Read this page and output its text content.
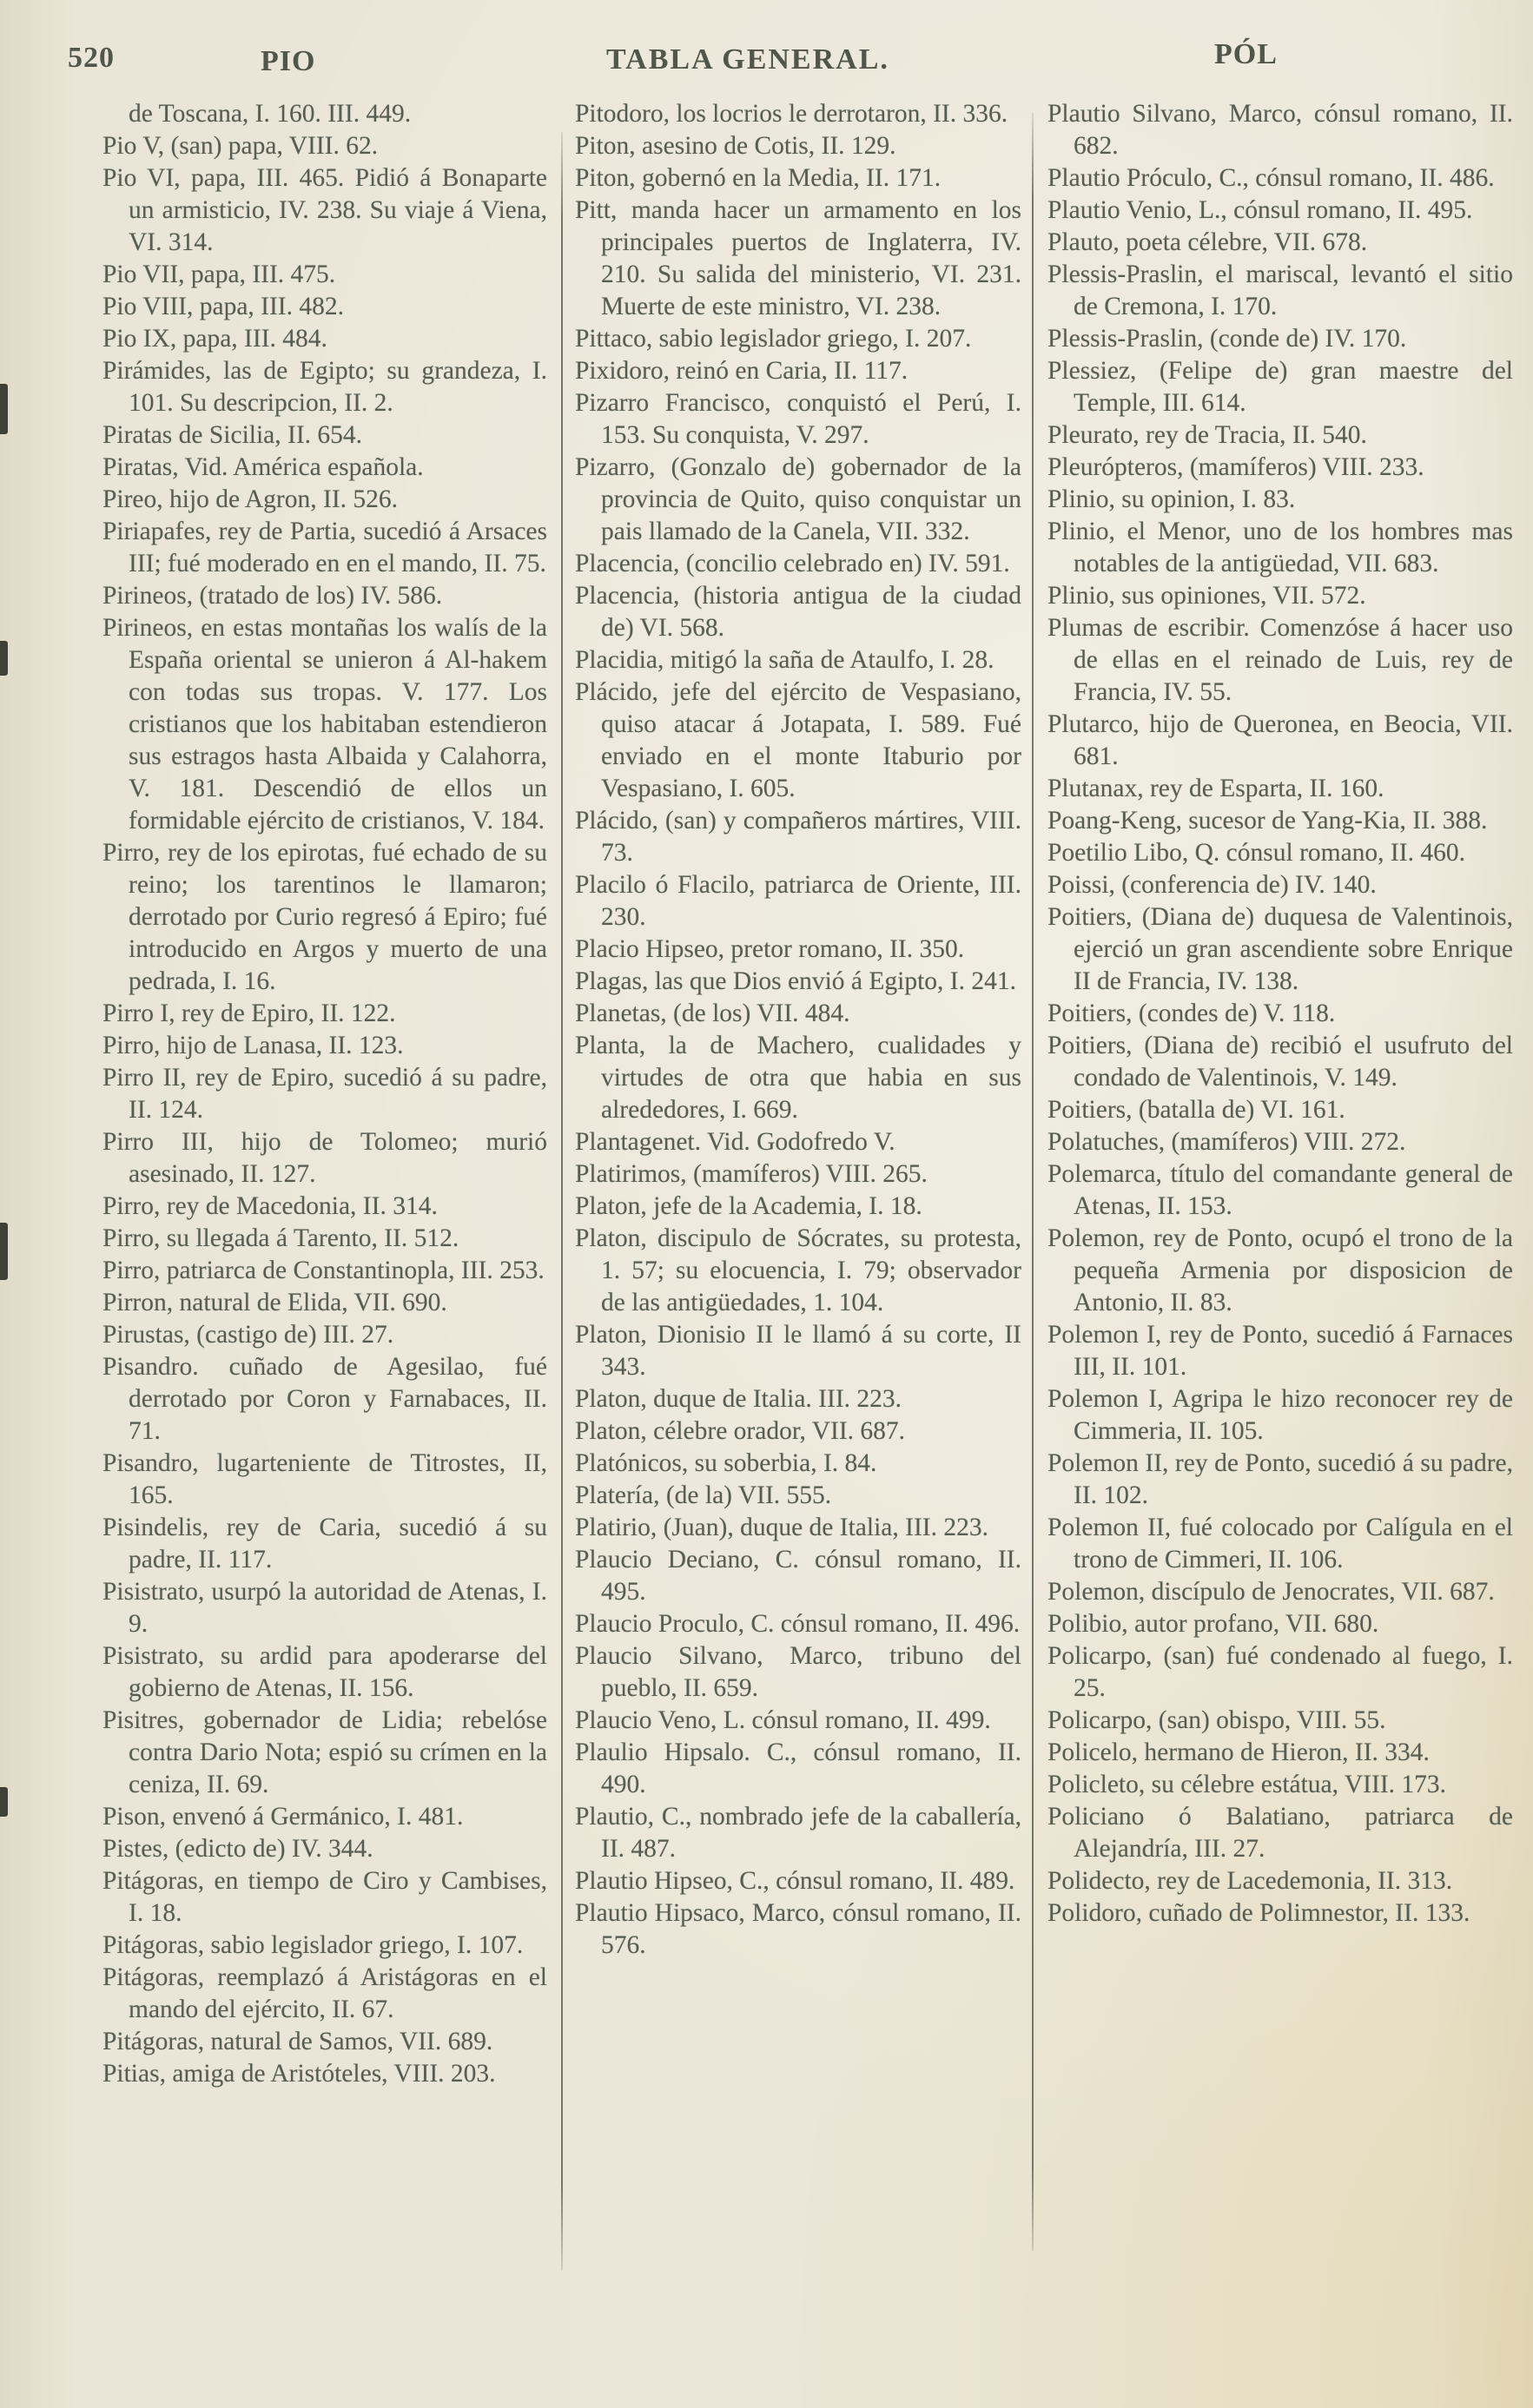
520	PIO	TABLA GENERAL.	PÓL

de Toscana, I. 160. III. 449.

Pio V, (san) papa, VIII. 62.

Pio VI, papa, III. 465. Pidió á Bonaparte un armisticio, IV. 238. Su viaje á Viena, VI. 314.

Pio VII, papa, III. 475.

Pio VIII, papa, III. 482.

Pio IX, papa, III. 484.

Pirámides, las de Egipto; su grandeza, I. 101. Su descripcion, II. 2.

Piratas de Sicilia, II. 654.

Piratas, Vid. América española.

Pireo, hijo de Agron, II. 526.

Piriapafes, rey de Partia, sucedió á Arsaces III; fué moderado en en el mando, II. 75.

Pirineos, (tratado de los) IV. 586.

Pirineos, en estas montañas los walís de la España oriental se unieron á Al-hakem con todas sus tropas. V. 177. Los cristianos que los habitaban estendieron sus estragos hasta Albaida y Calahorra, V. 181. Descendió de ellos un formidable ejército de cristianos, V. 184.

Pirro, rey de los epirotas, fué echado de su reino; los tarentinos le llamaron; derrotado por Curio regresó á Epiro; fué introducido en Argos y muerto de una pedrada, I. 16.

Pirro I, rey de Epiro, II. 122.

Pirro, hijo de Lanasa, II. 123.

Pirro II, rey de Epiro, sucedió á su padre, II. 124.

Pirro III, hijo de Tolomeo; murió asesinado, II. 127.

Pirro, rey de Macedonia, II. 314.

Pirro, su llegada á Tarento, II. 512.

Pirro, patriarca de Constantinopla, III. 253.

Pirron, natural de Elida, VII. 690.

Pirustas, (castigo de) III. 27.

Pisandro. cuñado de Agesilao, fué derrotado por Coron y Farnabaces, II. 71.

Pisandro, lugarteniente de Titrostes, II, 165.

Pisindelis, rey de Caria, sucedió á su padre, II. 117.

Pisistrato, usurpó la autoridad de Atenas, I. 9.

Pisistrato, su ardid para apoderarse del gobierno de Atenas, II. 156.

Pisitres, gobernador de Lidia; rebelóse contra Dario Nota; espió su crímen en la ceniza, II. 69.

Pison, envenó á Germánico, I. 481.

Pistes, (edicto de) IV. 344.

Pitágoras, en tiempo de Ciro y Cambises, I. 18.

Pitágoras, sabio legislador griego, I. 107.

Pitágoras, reemplazó á Aristágoras en el mando del ejército, II. 67.

Pitágoras, natural de Samos, VII. 689.

Pitias, amiga de Aristóteles, VIII. 203.

Pitodoro, los locrios le derrotaron, II. 336.

Piton, asesino de Cotis, II. 129.

Piton, gobernó en la Media, II. 171.

Pitt, manda hacer un armamento en los principales puertos de Inglaterra, IV. 210. Su salida del ministerio, VI. 231. Muerte de este ministro, VI. 238.

Pittaco, sabio legislador griego, I. 207.

Pixidoro, reinó en Caria, II. 117.

Pizarro Francisco, conquistó el Perú, I. 153. Su conquista, V. 297.

Pizarro, (Gonzalo de) gobernador de la provincia de Quito, quiso conquistar un pais llamado de la Canela, VII. 332.

Placencia, (concilio celebrado en) IV. 591.

Placencia, (historia antigua de la ciudad de) VI. 568.

Placidia, mitigó la saña de Ataulfo, I. 28.

Plácido, jefe del ejército de Vespasiano, quiso atacar á Jotapata, I. 589. Fué enviado en el monte Itaburio por Vespasiano, I. 605.

Plácido, (san) y compañeros mártires, VIII. 73.

Placilo ó Flacilo, patriarca de Oriente, III. 230.

Placio Hipseo, pretor romano, II. 350.

Plagas, las que Dios envió á Egipto, I. 241.

Planetas, (de los) VII. 484.

Planta, la de Machero, cualidades y virtudes de otra que habia en sus alrededores, I. 669.

Plantagenet. Vid. Godofredo V.

Platirimos, (mamíferos) VIII. 265.

Platon, jefe de la Academia, I. 18.

Platon, discipulo de Sócrates, su protesta, 1. 57; su elocuencia, I. 79; observador de las antigüedades, 1. 104.

Platon, Dionisio II le llamó á su corte, II 343.

Platon, duque de Italia. III. 223.

Platon, célebre orador, VII. 687.

Platónicos, su soberbia, I. 84.

Platería, (de la) VII. 555.

Platirio, (Juan), duque de Italia, III. 223.

Plaucio Deciano, C. cónsul romano, II. 495.

Plaucio Proculo, C. cónsul romano, II. 496.

Plaucio Silvano, Marco, tribuno del pueblo, II. 659.

Plaucio Veno, L. cónsul romano, II. 499.

Plaulio Hipsalo. C., cónsul romano, II. 490.

Plautio, C., nombrado jefe de la caballería, II. 487.

Plautio Hipseo, C., cónsul romano, II. 489.

Plautio Hipsaco, Marco, cónsul romano, II. 576.

Plautio Silvano, Marco, cónsul romano, II. 682.

Plautio Próculo, C., cónsul romano, II. 486.

Plautio Venio, L., cónsul romano, II. 495.

Plauto, poeta célebre, VII. 678.

Plessis-Praslin, el mariscal, levantó el sitio de Cremona, I. 170.

Plessis-Praslin, (conde de) IV. 170.

Plessiez, (Felipe de) gran maestre del Temple, III. 614.

Pleurato, rey de Tracia, II. 540.

Pleurópteros, (mamíferos) VIII. 233.

Plinio, su opinion, I. 83.

Plinio, el Menor, uno de los hombres mas notables de la antigüedad, VII. 683.

Plinio, sus opiniones, VII. 572.

Plumas de escribir. Comenzóse á hacer uso de ellas en el reinado de Luis, rey de Francia, IV. 55.

Plutarco, hijo de Queronea, en Beocia, VII. 681.

Plutanax, rey de Esparta, II. 160.

Poang-Keng, sucesor de Yang-Kia, II. 388.

Poetilio Libo, Q. cónsul romano, II. 460.

Poissi, (conferencia de) IV. 140.

Poitiers, (Diana de) duquesa de Valentinois, ejerció un gran ascendiente sobre Enrique II de Francia, IV. 138.

Poitiers, (condes de) V. 118.

Poitiers, (Diana de) recibió el usufruto del condado de Valentinois, V. 149.

Poitiers, (batalla de) VI. 161.

Polatuches, (mamíferos) VIII. 272.

Polemarca, título del comandante general de Atenas, II. 153.

Polemon, rey de Ponto, ocupó el trono de la pequeña Armenia por disposicion de Antonio, II. 83.

Polemon I, rey de Ponto, sucedió á Farnaces III, II. 101.

Polemon I, Agripa le hizo reconocer rey de Cimmeria, II. 105.

Polemon II, rey de Ponto, sucedió á su padre, II. 102.

Polemon II, fué colocado por Calígula en el trono de Cimmeri, II. 106.

Polemon, discípulo de Jenocrates, VII. 687.

Polibio, autor profano, VII. 680.

Policarpo, (san) fué condenado al fuego, I. 25.

Policarpo, (san) obispo, VIII. 55.

Policelo, hermano de Hieron, II. 334.

Policleto, su célebre estátua, VIII. 173.

Policiano ó Balatiano, patriarca de Alejandría, III. 27.

Polidecto, rey de Lacedemonia, II. 313.

Polidoro, cuñado de Polimnestor, II. 133.
